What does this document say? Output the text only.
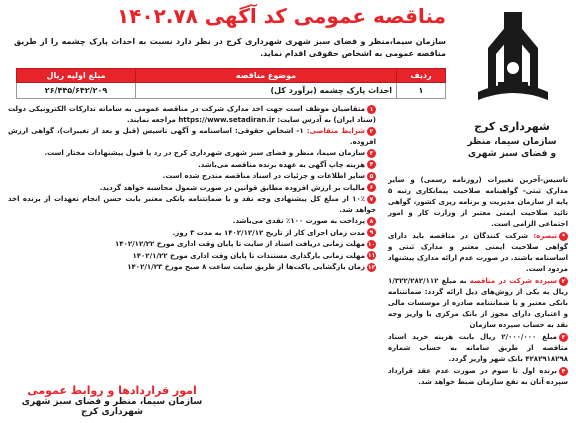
مناقصه عمومی کد آگهی ۱۴۰۲.۷۸
سازمان سیما،منظر و فضای سبز شهری شهرداری کرج در نظر دارد نسبت به احداث پارک چشمه را از طریق مناقصه عمومی به اشخاص حقوقی اقدام نماید.
شهرداری کرج
سازمان سیما، منظر
و فضای سبز شهری
ردیف	موضوع مناقصه	مبلغ اولیه ریال
۱	احداث پارک چشمه (برآورد کل)	۲۶/۴۴۵/۶۴۲/۲۰۹
۱متقاضیان موظف است جهت اخذ مدارک شرکت در مناقصه عمومی به سامانه تدارکات الکترونیکی دولت (ستاد ایران) به آدرس سایت: https://www.setadiran.ir مراجعه نمایند.
۲شرایط متقاضی: ۱- اشخاص حقوقی: اساسنامه و آگهی تاسیس (قبل و بعد از تغییرات)، گواهی ارزش افزوده.
۳سازمان سیما، منظر و فضای سبز شهری شهرداری کرج در رد یا قبول پیشنهادات مختار است.
۴هزینه چاپ آگهی به عهده برنده مناقصه می‌باشد.
۵سایر اطلاعات و جزئیات در اسناد مناقصه مندرج شده است.
۶مالیات بر ارزش افزوده مطابق قوانین در صورت شمول محاسبه خواهد گردید.
۷۱۰٪ از مبلغ کل پیشنهادی وجه نقد و یا ضمانتنامه بانکی معتبر بابت حسن انجام تعهدات از برنده اخذ خواهد شد.
۸پرداخت به صورت ۱۰۰٪ نقدی می‌باشد.
۹مدت زمان اجرای کار از تاریخ ۱۴۰۲/۱۲/۱۲ به مدت ۳ روز.
۱۰مهلت زمانی دریافت اسناد از سایت تا پایان وقت اداری مورخ ۱۴۰۲/۱۲/۲۲
۱۱مهلت زمانی بارگذاری مستندات تا پایان وقت اداری مورخ ۱۴۰۲/۱/۲۲
۱۲زمان بازگشایی پاکت‌ها از طریق سایت ساعت ۸ صبح مورخ ۱۴۰۲/۱/۲۳
تاسیس-آخرین تغییرات (روزنامه رسمی) و سایر مدارک ثبتی- گواهینامه صلاحیت پیمانکاری رتبه ۵ پایه از سازمان مدیریت و برنامه ریزی کشور، گواهی تائید صلاحیت ایمنی معتبر از وزارت کار و امور اجتماعی الزامی است.
*تبصره: شرکت کنندگان در مناقصه باید دارای گواهی صلاحیت ایمنی معتبر و مدارک ثبتی و اساسنامه باشند. در صورت عدم ارائه مدارک پیشنهاد مردود است.
۲سپرده شرکت در مناقصه به مبلغ ۱/۳۲۲/۲۸۲/۱۱۲ ریال به یکی از روش‌های ذیل ارائه گردد: ضمانتنامه بانکی معتبر و یا ضمانتنامه صادره از موسسات مالی و اعتباری دارای مجوز از بانک مرکزی یا واریز وجه نقد به حساب سپرده سازمان
۳مبلغ ۲/۰۰۰/۰۰۰ ریال بابت هزینه خرید اسناد مناقصه از طریق سامانه به حساب شماره ۴۲۸۲۹۱۸۲۹۸ بانک شهر واریز گردد.
۴برنده اول تا سوم در صورت عدم عقد قرارداد سپرده آنان به نفع سازمان ضبط خواهد شد.
امور قراردادها و روابط عمومی
سازمان سیما، منظر و فضای سبز شهری شهرداری کرج
